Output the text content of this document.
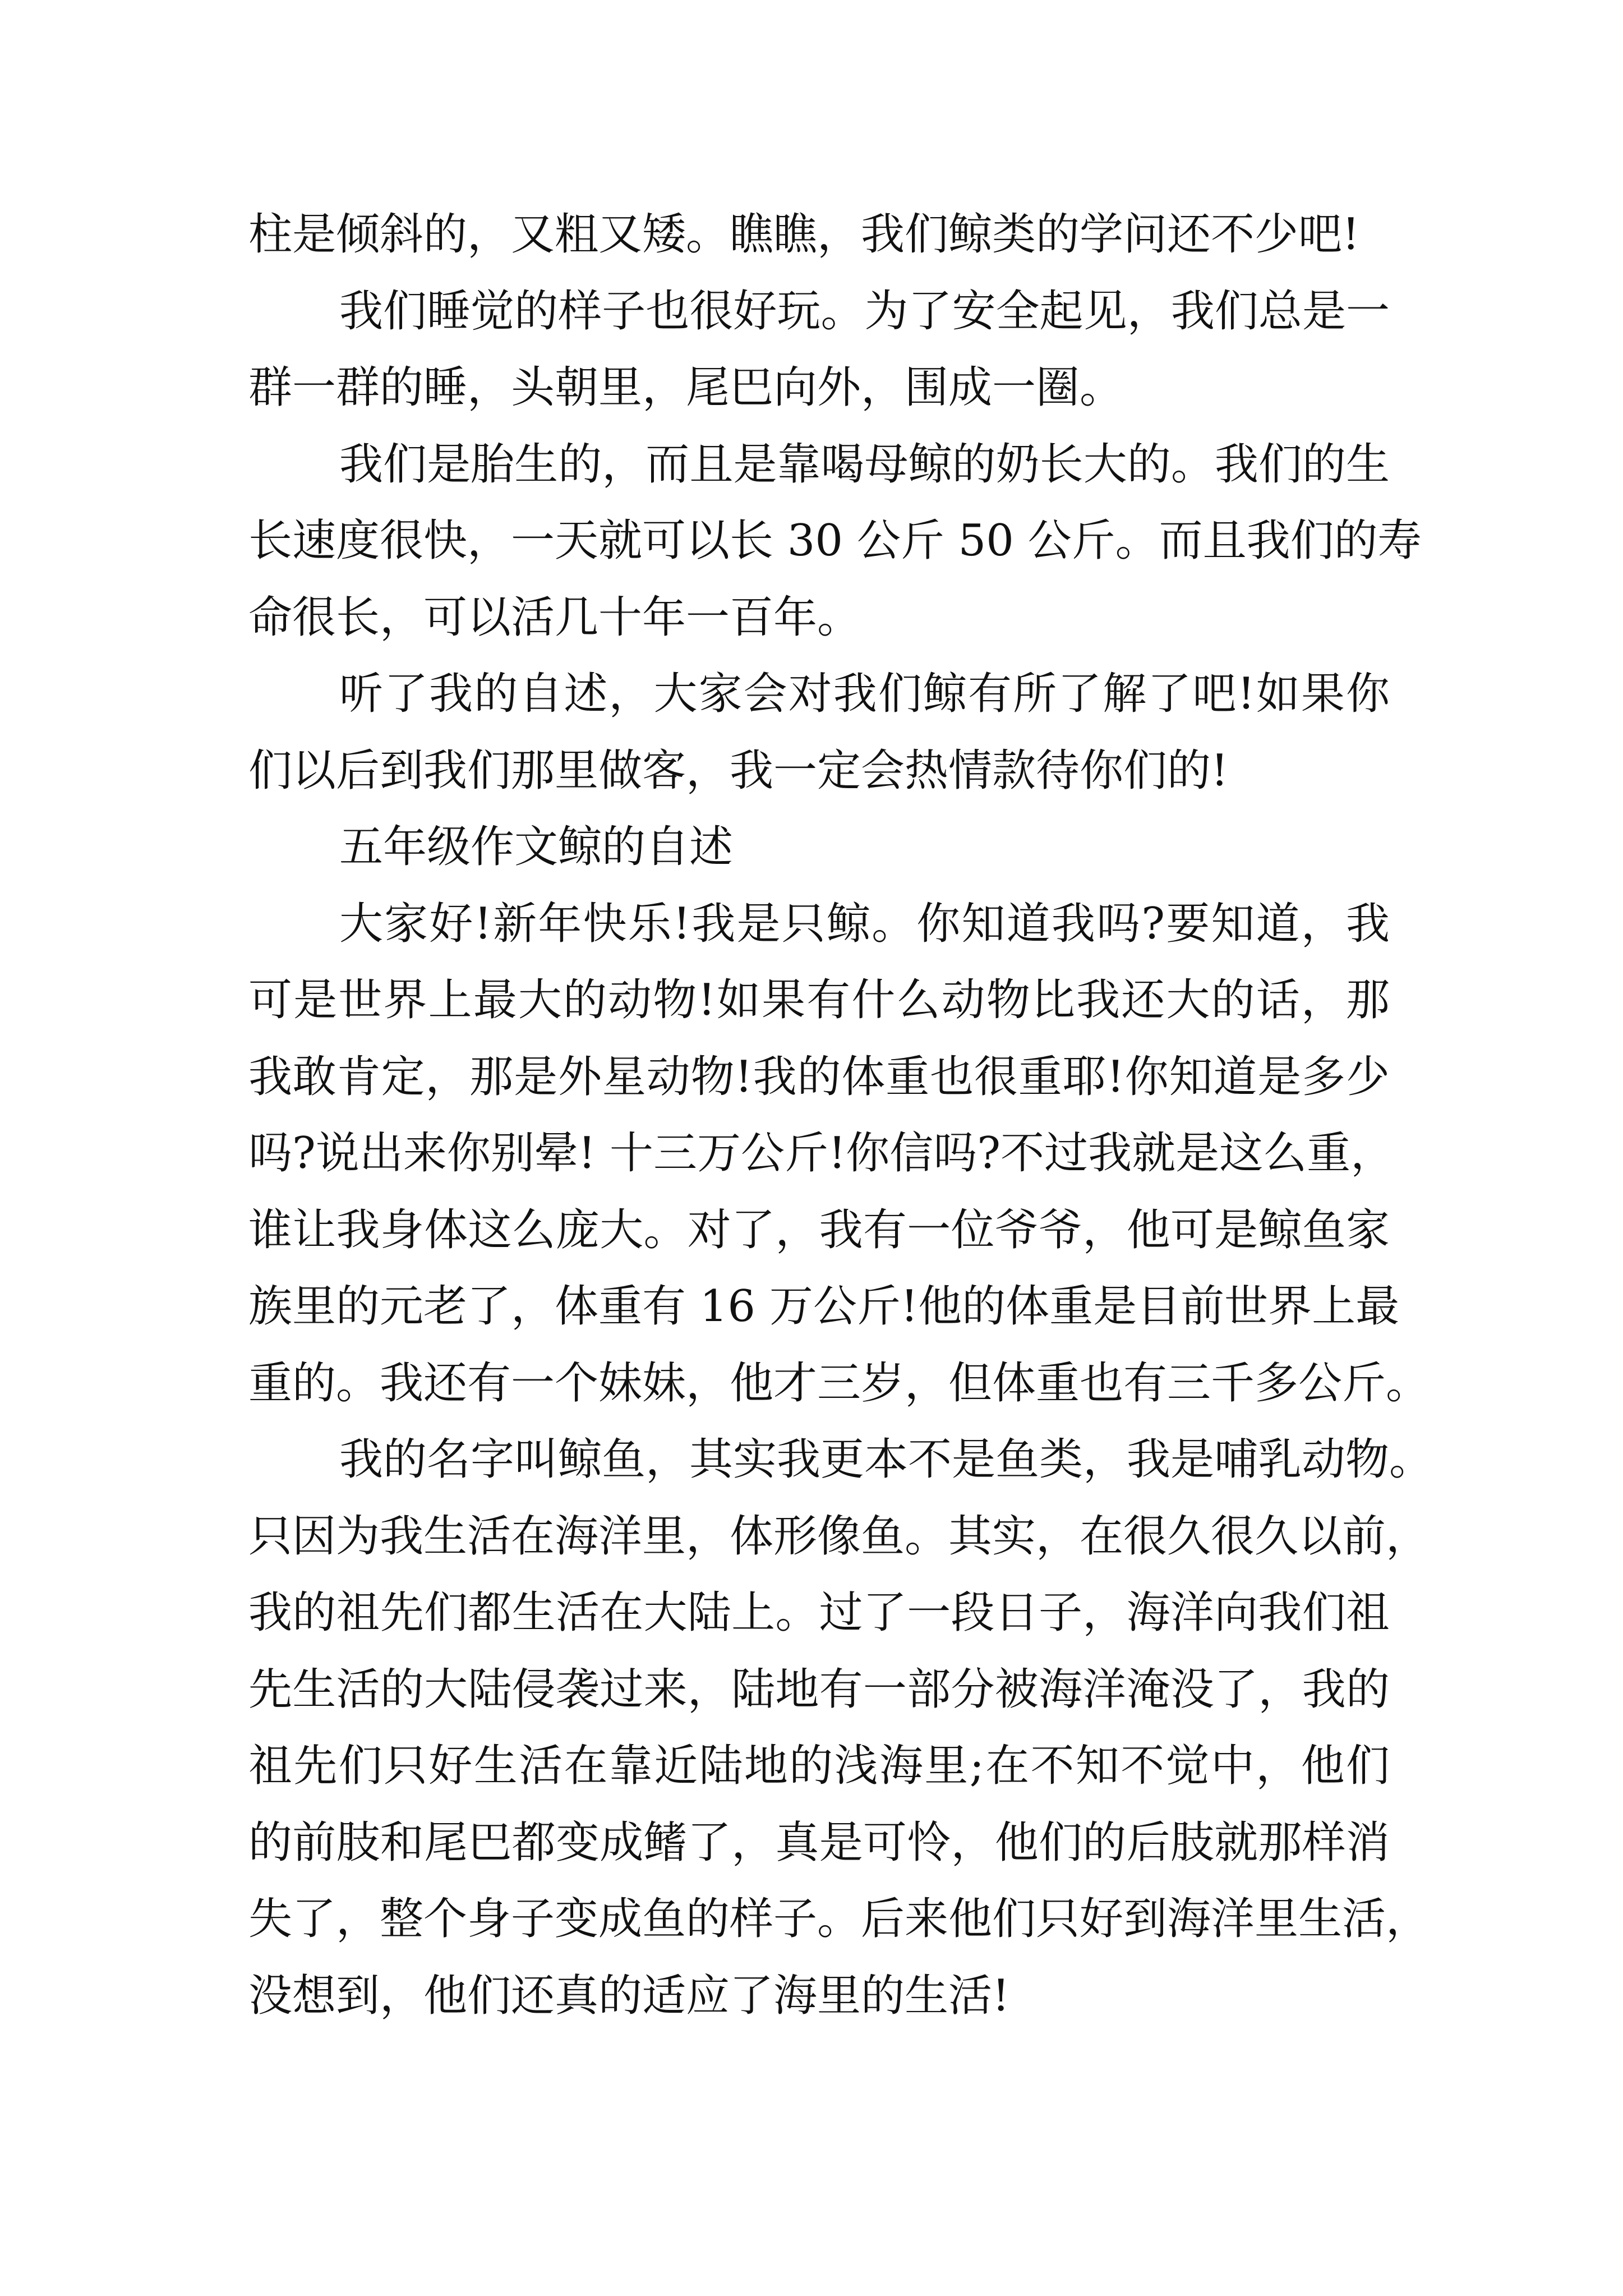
柱是倾斜的，又粗又矮。瞧瞧，我们鲸类的学问还不少吧!
我们睡觉的样子也很好玩。为了安全起见，我们总是一
群一群的睡，头朝里，尾巴向外，围成一圈。
我们是胎生的，而且是靠喝母鲸的奶长大的。我们的生
长速度很快，一天就可以长 30 公斤 50 公斤。而且我们的寿
命很长，可以活几十年一百年。
听了我的自述，大家会对我们鲸有所了解了吧!如果你
们以后到我们那里做客，我一定会热情款待你们的!
五年级作文鲸的自述
大家好!新年快乐!我是只鲸。你知道我吗?要知道，我
可是世界上最大的动物!如果有什么动物比我还大的话，那
我敢肯定，那是外星动物!我的体重也很重耶!你知道是多少
吗?说出来你别晕! 十三万公斤!你信吗?不过我就是这么重，
谁让我身体这么庞大。对了，我有一位爷爷，他可是鲸鱼家
族里的元老了，体重有 16 万公斤!他的体重是目前世界上最
重的。我还有一个妹妹，他才三岁，但体重也有三千多公斤。
我的名字叫鲸鱼，其实我更本不是鱼类，我是哺乳动物。
只因为我生活在海洋里，体形像鱼。其实，在很久很久以前，
我的祖先们都生活在大陆上。过了一段日子，海洋向我们祖
先生活的大陆侵袭过来，陆地有一部分被海洋淹没了，我的
祖先们只好生活在靠近陆地的浅海里;在不知不觉中，他们
的前肢和尾巴都变成鳍了，真是可怜，他们的后肢就那样消
失了，整个身子变成鱼的样子。后来他们只好到海洋里生活，
没想到，他们还真的适应了海里的生活!
